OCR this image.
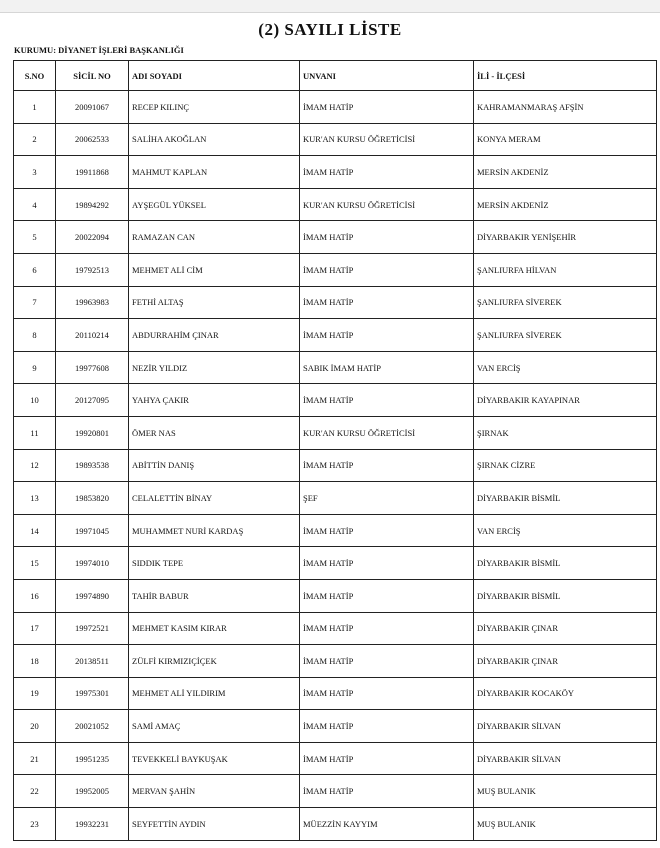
(2) SAYILI LİSTE
KURUMU: DİYANET İŞLERİ BAŞKANLIĞI
S.NO	SİCİL NO	ADI SOYADI	UNVANI	İLİ - İLÇESİ
1	20091067	RECEP KILINÇ	İMAM HATİP	KAHRAMANMARAŞ AFŞİN
2	20062533	SALİHA AKOĞLAN	KUR'AN KURSU ÖĞRETİCİSİ	KONYA MERAM
3	19911868	MAHMUT KAPLAN	İMAM HATİP	MERSİN AKDENİZ
4	19894292	AYŞEGÜL YÜKSEL	KUR'AN KURSU ÖĞRETİCİSİ	MERSİN AKDENİZ
5	20022094	RAMAZAN CAN	İMAM HATİP	DİYARBAKIR YENİŞEHİR
6	19792513	MEHMET ALİ CİM	İMAM HATİP	ŞANLIURFA HİLVAN
7	19963983	FETHİ ALTAŞ	İMAM HATİP	ŞANLIURFA SİVEREK
8	20110214	ABDURRAHİM ÇINAR	İMAM HATİP	ŞANLIURFA SİVEREK
9	19977608	NEZİR YILDIZ	SABIK İMAM HATİP	VAN ERCİŞ
10	20127095	YAHYA ÇAKIR	İMAM HATİP	DİYARBAKIR KAYAPINAR
11	19920801	ÖMER NAS	KUR'AN KURSU ÖĞRETİCİSİ	ŞIRNAK
12	19893538	ABİTTİN DANIŞ	İMAM HATİP	ŞIRNAK CİZRE
13	19853820	CELALETTİN BİNAY	ŞEF	DİYARBAKIR BİSMİL
14	19971045	MUHAMMET NURİ KARDAŞ	İMAM HATİP	VAN ERCİŞ
15	19974010	SIDDIK TEPE	İMAM HATİP	DİYARBAKIR BİSMİL
16	19974890	TAHİR BABUR	İMAM HATİP	DİYARBAKIR BİSMİL
17	19972521	MEHMET KASIM KIRAR	İMAM HATİP	DİYARBAKIR ÇINAR
18	20138511	ZÜLFİ KIRMIZIÇİÇEK	İMAM HATİP	DİYARBAKIR ÇINAR
19	19975301	MEHMET ALİ YILDIRIM	İMAM HATİP	DİYARBAKIR KOCAKÖY
20	20021052	SAMİ AMAÇ	İMAM HATİP	DİYARBAKIR SİLVAN
21	19951235	TEVEKKELİ BAYKUŞAK	İMAM HATİP	DİYARBAKIR SİLVAN
22	19952005	MERVAN ŞAHİN	İMAM HATİP	MUŞ BULANIK
23	19932231	SEYFETTİN AYDIN	MÜEZZİN KAYYIM	MUŞ BULANIK
